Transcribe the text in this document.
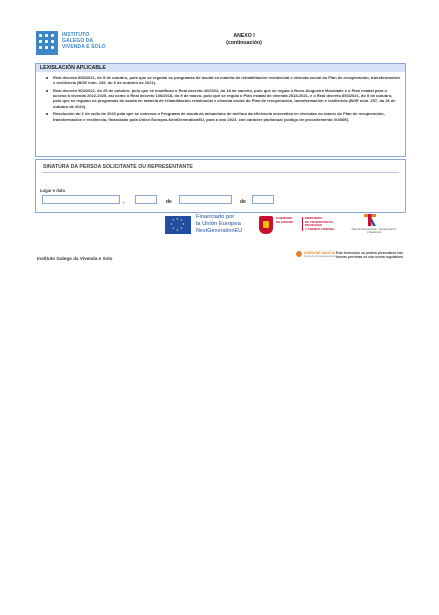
INSTITUTO
GALEGO DA
VIVENDA E SOLO
ANEXO I
(continuación)
LEXISLACIÓN APLICABLE
Real decreto 853/2021, do 5 de outubro, polo que se regulan os programas de axuda en materia de rehabilitación residencial e vivenda social do Plan de recuperación, transformación e resiliencia (BOE núm. 239, do 6 de outubro de 2021).
Real decreto 903/2022, do 25 de outubro, polo que se modifican o Real decreto 42/2022, do 18 de xaneiro, polo que se regula o Bono Alugueiro Mocidade e o Plan estatal para o acceso á vivenda 2022-2025, así como o Real decreto 106/2018, do 9 de marzo, polo que se regula o Plan estatal de vivenda 2018-2021, e o Real decreto 853/2021, do 5 de outubro, polo que se regulan os programas de axuda en materia de rehabilitación residencial e vivenda social do Plan de recuperación, transformación e resiliencia (BOE núm. 257, do 26 de outubro de 2022).
Resolución do 1 de xullo de 2023 pola que se convoca o Programa de axuda ás actuacións de mellora da eficiencia enerxética en vivendas no marco do Plan de recuperación, transformación e resiliencia, financiado pola Unión Europea-NextGenerationEU, para o ano 2023, con carácter plurianual (código de procedemento VI406E).
SINATURA DA PERSOA SOLICITANTE OU REPRESENTANTE
Lugar e data
,	de	de
★ ★
★
★
★
★
★
★	Financiado por
la Unión Europea
NextGenerationEU
GOBIERNO
DE ESPAÑA
MINISTERIO
DE TRANSPORTES, MOVILIDAD
Y AGENDA URBANA	Plan de Recuperación, Transformación y Resiliencia
Instituto Galego da Vivenda e Solo
XUNTA DE GALICIA
Guía de procedementos
Este formulario só poderá presentarse nas formas previstas na súa norma reguladora
